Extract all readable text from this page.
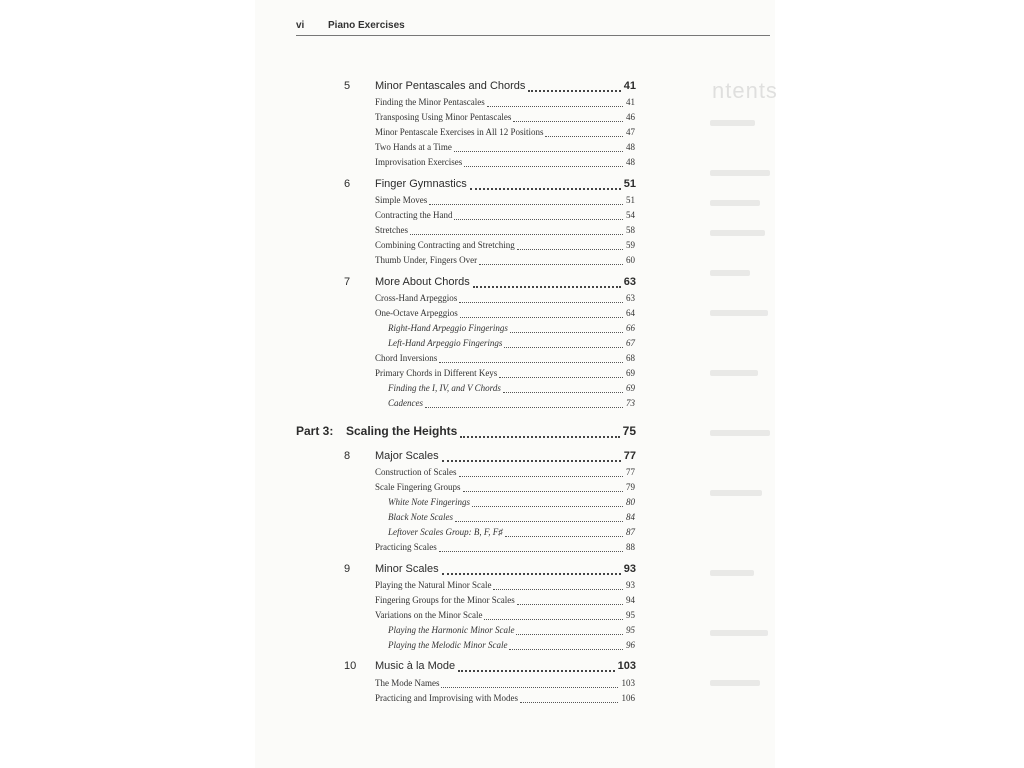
ntents
vi Piano Exercises
5 Minor Pentascales and Chords	41
Finding the Minor Pentascales	41
Transposing Using Minor Pentascales	46
Minor Pentascale Exercises in All 12 Positions	47
Two Hands at a Time	48
Improvisation Exercises	48
6 Finger Gymnastics	51
Simple Moves	51
Contracting the Hand	54
Stretches	58
Combining Contracting and Stretching	59
Thumb Under, Fingers Over	60
7 More About Chords	63
Cross-Hand Arpeggios	63
One-Octave Arpeggios	64
Right-Hand Arpeggio Fingerings	66
Left-Hand Arpeggio Fingerings	67
Chord Inversions	68
Primary Chords in Different Keys	69
Finding the I, IV, and V Chords	69
Cadences	73
Part 3: Scaling the Heights	75
8 Major Scales	77
Construction of Scales	77
Scale Fingering Groups	79
White Note Fingerings	80
Black Note Scales	84
Leftover Scales Group: B, F, F♯	87
Practicing Scales	88
9 Minor Scales	93
Playing the Natural Minor Scale	93
Fingering Groups for the Minor Scales	94
Variations on the Minor Scale	95
Playing the Harmonic Minor Scale	95
Playing the Melodic Minor Scale	96
10 Music à la Mode	103
The Mode Names	103
Practicing and Improvising with Modes	106
